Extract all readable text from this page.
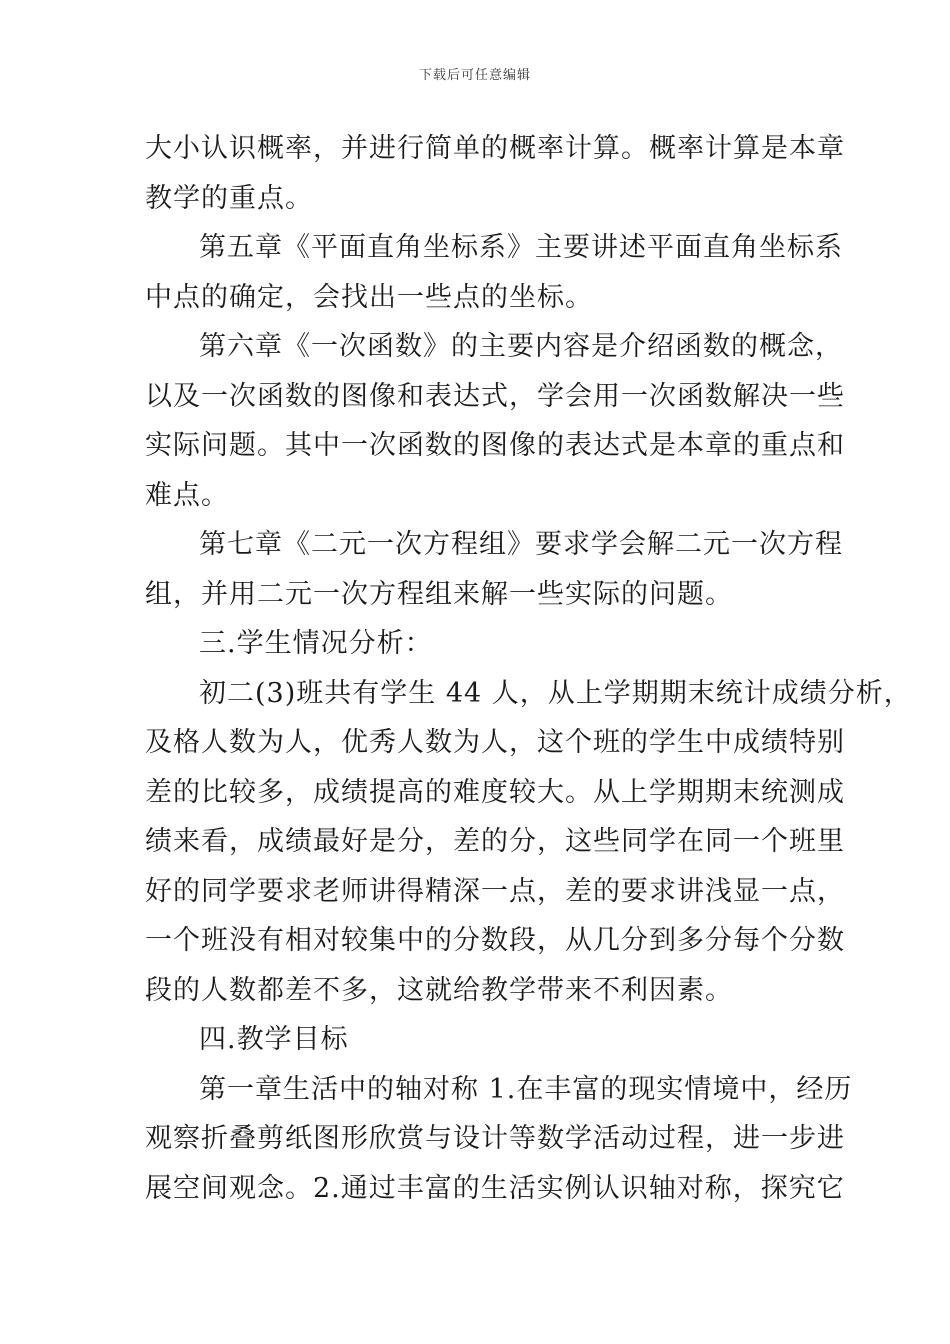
下载后可任意编辑
大小认识概率，并进行简单的概率计算。概率计算是本章
教学的重点。
第五章《平面直角坐标系》主要讲述平面直角坐标系
中点的确定，会找出一些点的坐标。
第六章《一次函数》的主要内容是介绍函数的概念，
以及一次函数的图像和表达式，学会用一次函数解决一些
实际问题。其中一次函数的图像的表达式是本章的重点和
难点。
第七章《二元一次方程组》要求学会解二元一次方程
组，并用二元一次方程组来解一些实际的问题。
三.学生情况分析：
初二(3)班共有学生 44 人，从上学期期末统计成绩分析，
及格人数为人，优秀人数为人，这个班的学生中成绩特别
差的比较多，成绩提高的难度较大。从上学期期末统测成
绩来看，成绩最好是分，差的分，这些同学在同一个班里
好的同学要求老师讲得精深一点，差的要求讲浅显一点，
一个班没有相对较集中的分数段，从几分到多分每个分数
段的人数都差不多，这就给教学带来不利因素。
四.教学目标
第一章生活中的轴对称 1.在丰富的现实情境中，经历
观察折叠剪纸图形欣赏与设计等数学活动过程，进一步进
展空间观念。2.通过丰富的生活实例认识轴对称，探究它
